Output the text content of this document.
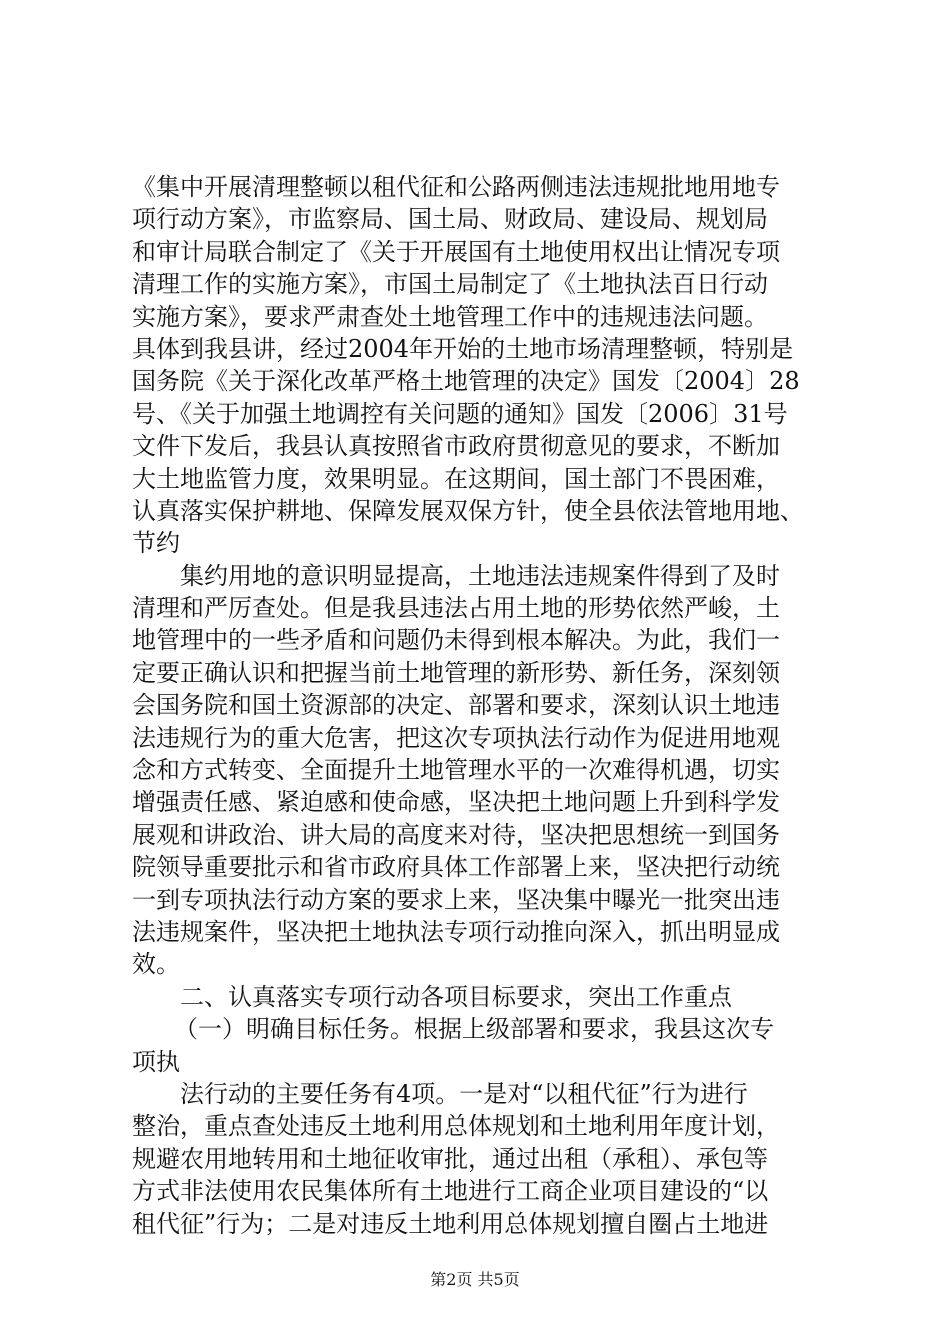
《集中开展清理整顿以租代征和公路两侧违法违规批地用地专
项行动方案》，市监察局、国土局、财政局、建设局、规划局
和审计局联合制定了《关于开展国有土地使用权出让情况专项
清理工作的实施方案》，市国土局制定了《土地执法百日行动
实施方案》，要求严肃查处土地管理工作中的违规违法问题。
具体到我县讲，经过2004年开始的土地市场清理整顿，特别是
国务院《关于深化改革严格土地管理的决定》国发〔2004〕28
号、《关于加强土地调控有关问题的通知》国发〔2006〕31号
文件下发后，我县认真按照省市政府贯彻意见的要求，不断加
大土地监管力度，效果明显。在这期间，国土部门不畏困难，
认真落实保护耕地、保障发展双保方针，使全县依法管地用地、
节约
集约用地的意识明显提高，土地违法违规案件得到了及时
清理和严厉查处。但是我县违法占用土地的形势依然严峻，土
地管理中的一些矛盾和问题仍未得到根本解决。为此，我们一
定要正确认识和把握当前土地管理的新形势、新任务，深刻领
会国务院和国土资源部的决定、部署和要求，深刻认识土地违
法违规行为的重大危害，把这次专项执法行动作为促进用地观
念和方式转变、全面提升土地管理水平的一次难得机遇，切实
增强责任感、紧迫感和使命感，坚决把土地问题上升到科学发
展观和讲政治、讲大局的高度来对待，坚决把思想统一到国务
院领导重要批示和省市政府具体工作部署上来，坚决把行动统
一到专项执法行动方案的要求上来，坚决集中曝光一批突出违
法违规案件，坚决把土地执法专项行动推向深入，抓出明显成
效。
二、认真落实专项行动各项目标要求，突出工作重点
（一）明确目标任务。根据上级部署和要求，我县这次专
项执
法行动的主要任务有4项。一是对“以租代征”行为进行
整治，重点查处违反土地利用总体规划和土地利用年度计划，
规避农用地转用和土地征收审批，通过出租（承租）、承包等
方式非法使用农民集体所有土地进行工商企业项目建设的“以
租代征”行为；二是对违反土地利用总体规划擅自圈占土地进
第2页 共5页
